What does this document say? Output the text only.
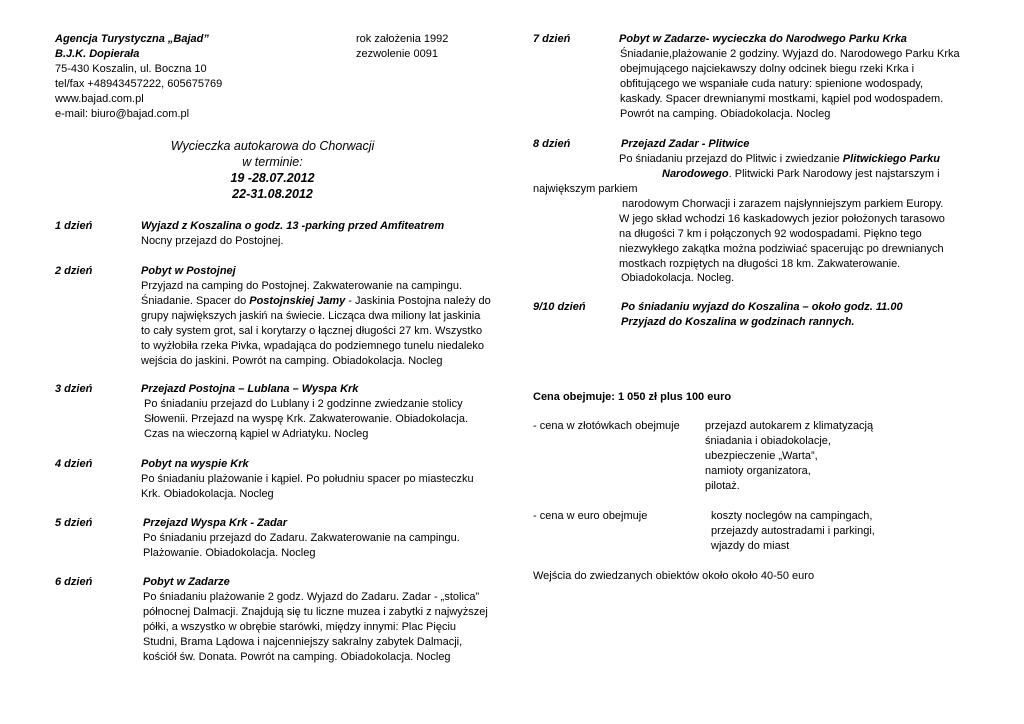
Agencja Turystyczna „Bajad”
B.J.K. Dopierała
75-430 Koszalin, ul. Boczna 10
tel/fax +48943457222, 605675769
www.bajad.com.pl
e-mail: biuro@bajad.com.pl
rok założenia 1992
zezwolenie 0091
Wycieczka autokarowa do Chorwacji
w terminie:
19 -28.07.2012
22-31.08.2012
1 dzień	Wyjazd z Koszalina o godz. 13 -parking przed Amfiteatrem
Nocny przejazd do Postojnej.
2 dzień	Pobyt w Postojnej
Przyjazd na camping do Postojnej. Zakwaterowanie na campingu.
Śniadanie. Spacer do Postojnskiej Jamy - Jaskinia Postojna należy do
grupy największych jaskiń na świecie. Licząca dwa miliony lat jaskinia
to cały system grot, sal i korytarzy o łącznej długości 27 km. Wszystko
to wyżłobiła rzeka Pivka, wpadająca do podziemnego tunelu niedaleko
wejścia do jaskini. Powrót na camping. Obiadokolacja. Nocleg
3 dzień	Przejazd Postojna – Lublana – Wyspa Krk
Po śniadaniu przejazd do Lublany i 2 godzinne zwiedzanie stolicy
Słowenii. Przejazd na wyspę Krk. Zakwaterowanie. Obiadokolacja.
Czas na wieczorną kąpiel w Adriatyku. Nocleg
4 dzień	Pobyt na wyspie Krk
Po śniadaniu plażowanie i kąpiel. Po południu spacer po miasteczku
Krk. Obiadokolacja. Nocleg
5 dzień	Przejazd Wyspa Krk - Zadar
Po śniadaniu przejazd do Zadaru. Zakwaterowanie na campingu.
Plażowanie. Obiadokolacja. Nocleg
6 dzień	Pobyt w Zadarze
Po śniadaniu plażowanie 2 godz. Wyjazd do Zadaru. Zadar - „stolica”
północnej Dalmacji. Znajdują się tu liczne muzea i zabytki z najwyższej
półki, a wszystko w obrębie starówki, między innymi: Plac Pięciu
Studni, Brama Lądowa i najcenniejszy sakralny zabytek Dalmacji,
kościół św. Donata. Powrót na camping. Obiadokolacja. Nocleg
7 dzień	Pobyt w Zadarze- wycieczka do Narodwego Parku Krka
Śniadanie,plażowanie 2 godziny. Wyjazd do. Narodowego Parku Krka
obejmującego najciekawszy dolny odcinek biegu rzeki Krka i
obfitującego we wspaniałe cuda natury: spienione wodospady,
kaskady. Spacer drewnianymi mostkami, kąpiel pod wodospadem.
Powrót na camping. Obiadokolacja. Nocleg
8 dzień	Przejazd Zadar - Plitwice
Po śniadaniu przejazd do Plitwic i zwiedzanie Plitwickiego Parku
Narodowego. Plitwicki Park Narodowy jest najstarszym i
największym parkiem
narodowym Chorwacji i zarazem najsłynniejszym parkiem Europy.
W jego skład wchodzi 16 kaskadowych jezior położonych tarasowo
na długości 7 km i połączonych 92 wodospadami. Piękno tego
niezwykłego zakątka można podziwiać spacerując po drewnianych
mostkach rozpiętych na długości 18 km. Zakwaterowanie.
Obiadokolacja. Nocleg.
9/10 dzień	Po śniadaniu wyjazd do Koszalina – około godz. 11.00
Przyjazd do Koszalina w godzinach rannych.
Cena obejmuje: 1 050 zł plus 100 euro
- cena w złotówkach obejmuje przejazd autokarem z klimatyzacją
śniadania i obiadokolacje,
ubezpieczenie „Warta”,
namioty organizatora,
pilotaż.
- cena w euro obejmuje	koszty noclegów na campingach,
przejazdy autostradami i parkingi,
wjazdy do miast
Wejścia do zwiedzanych obiektów około około 40-50 euro
